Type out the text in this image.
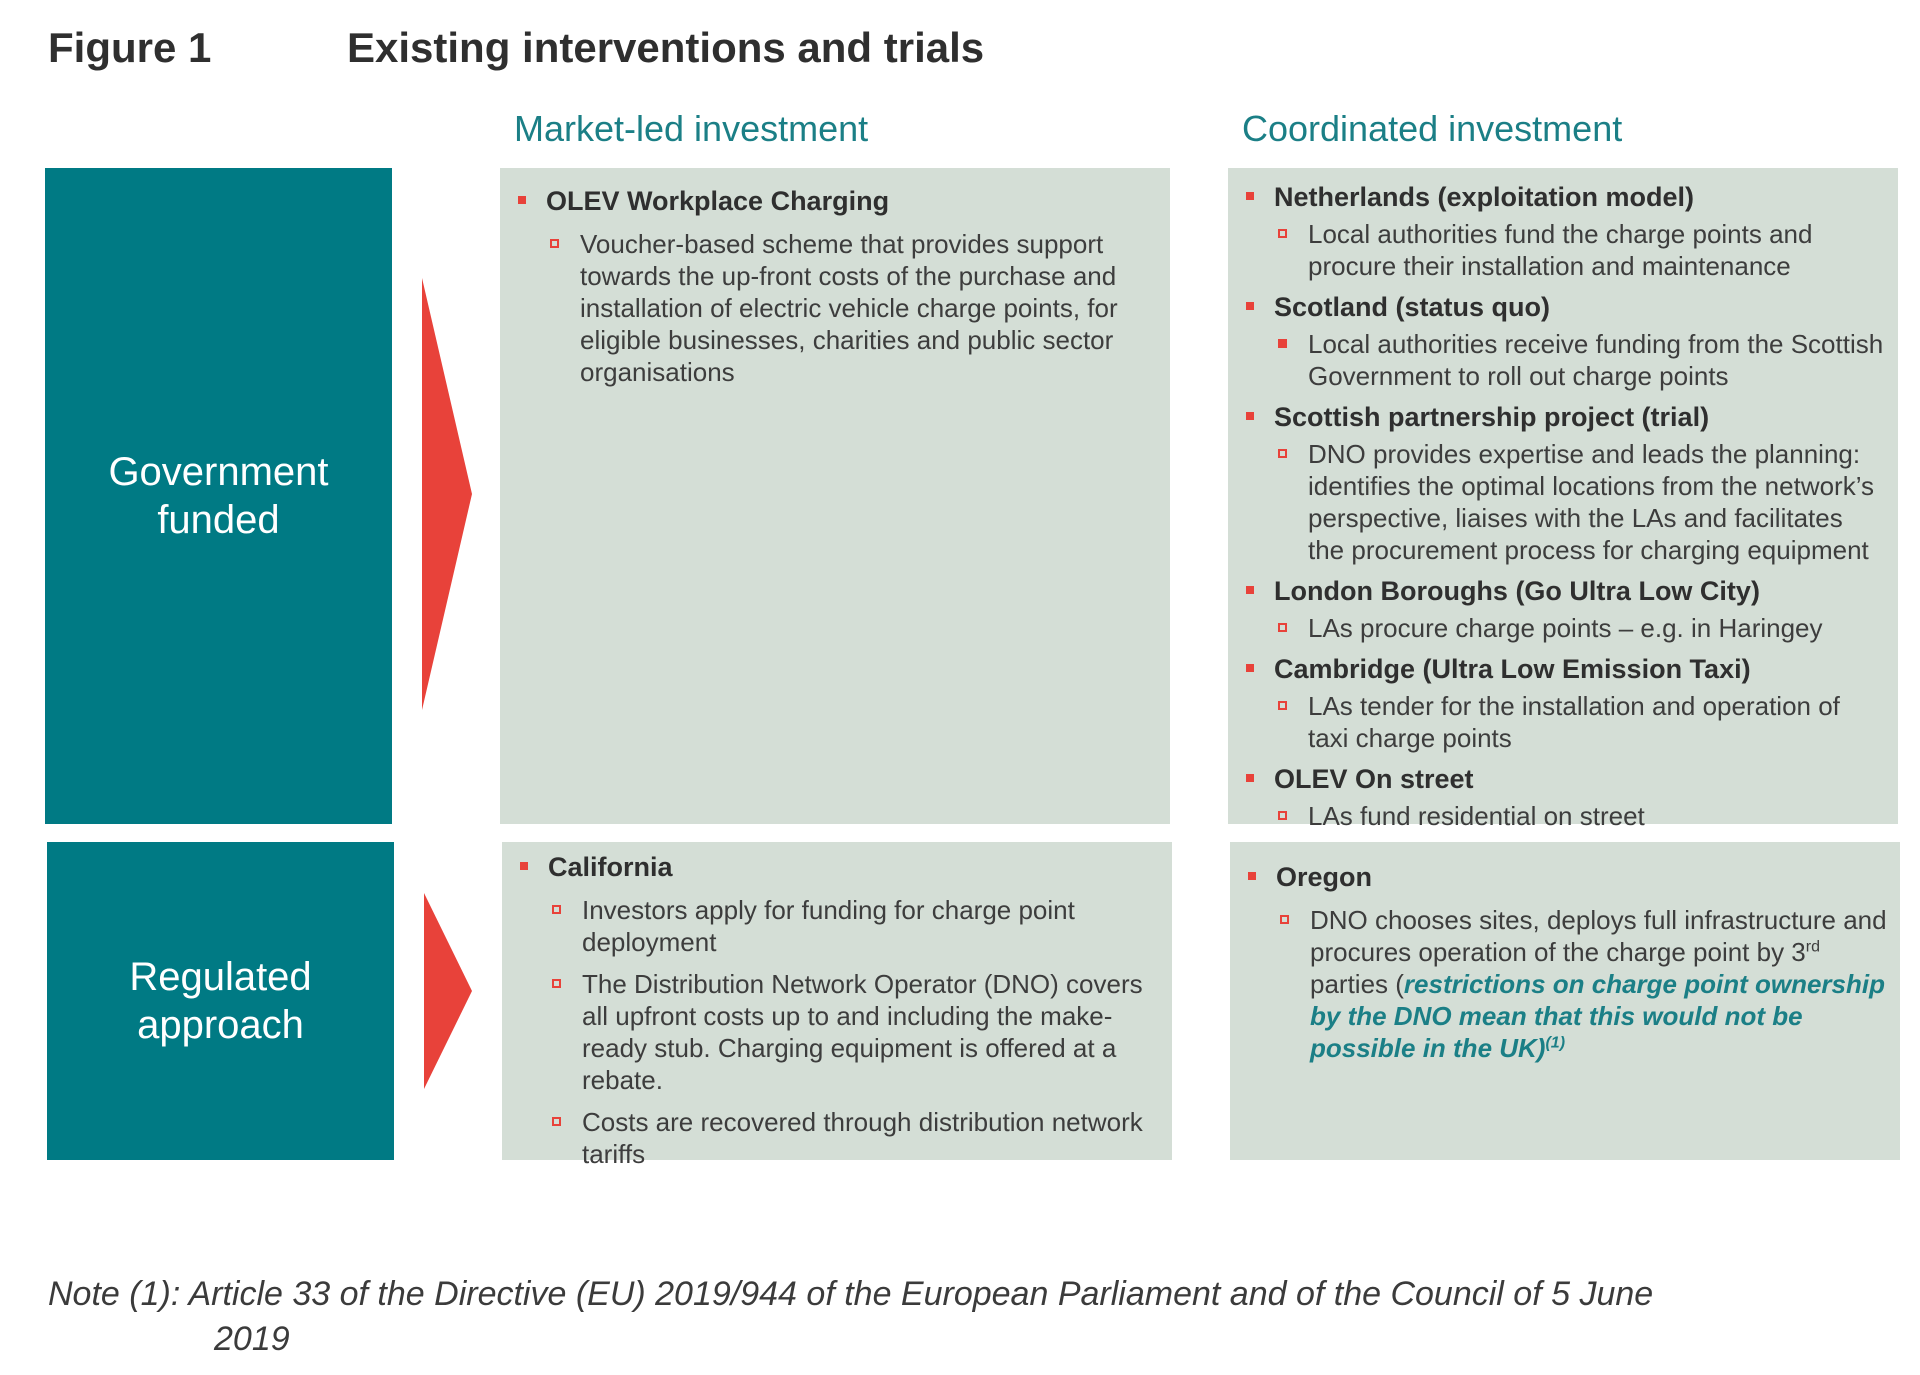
Figure 1	Existing interventions and trials
Market-led investment	Coordinated investment
Government
funded
Regulated
approach
OLEV Workplace Charging
Voucher-based scheme that provides support towards the up-front costs of the purchase and installation of electric vehicle charge points, for eligible businesses, charities and public sector organisations
Netherlands (exploitation model)
Local authorities fund the charge points and procure their installation and maintenance
Scotland (status quo)
Local authorities receive funding from the Scottish Government to roll out charge points
Scottish partnership project (trial)
DNO provides expertise and leads the planning: identifies the optimal locations from the network’s perspective, liaises with the LAs and facilitates the procurement process for charging equipment
London Boroughs (Go Ultra Low City)
LAs procure charge points – e.g. in Haringey
Cambridge (Ultra Low Emission Taxi)
LAs tender for the installation and operation of taxi charge points
OLEV On street
LAs fund residential on street
California
Investors apply for funding for charge point deployment
The Distribution Network Operator (DNO) covers all upfront costs up to and including the make-ready stub. Charging equipment is offered at a rebate.
Costs are recovered through distribution network tariffs
Oregon
DNO chooses sites, deploys full infrastructure and procures operation of the charge point by 3rd parties (restrictions on charge point ownership by the DNO mean that this would not be possible in the UK)$^{(1)}$
Note (1): Article 33 of the Directive (EU) 2019/944 of the European Parliament and of the Council of 5 June
2019
